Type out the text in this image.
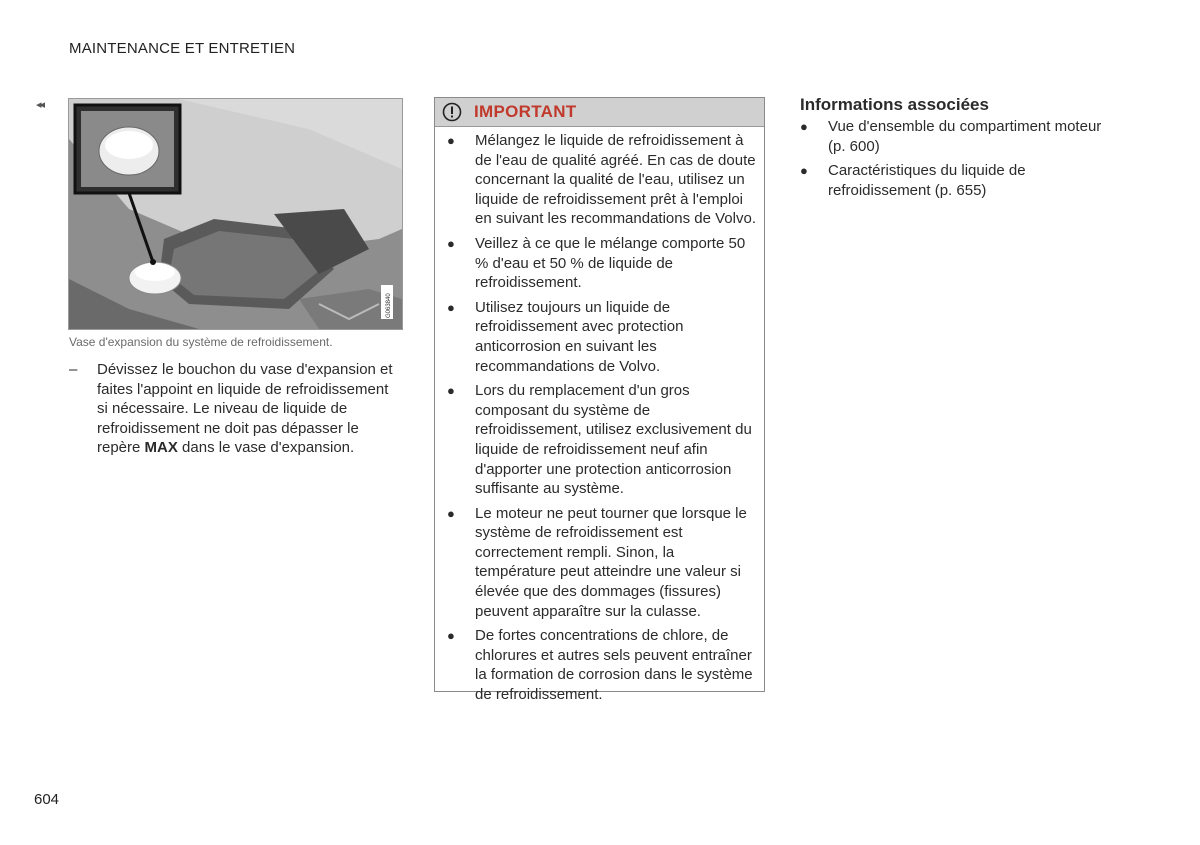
MAINTENANCE ET ENTRETIEN
◂◂
G063840
Vase d'expansion du système de refroidissement.
– Dévissez le bouchon du vase d'expansion et faites l'appoint en liquide de refroidissement si nécessaire. Le niveau de liquide de refroidissement ne doit pas dépasser le repère MAX dans le vase d'expansion.
IMPORTANT
● Mélangez le liquide de refroidissement à de l'eau de qualité agréé. En cas de doute concernant la qualité de l'eau, utilisez un liquide de refroidissement prêt à l'emploi en suivant les recommandations de Volvo.
● Veillez à ce que le mélange comporte 50 % d'eau et 50 % de liquide de refroidissement.
● Utilisez toujours un liquide de refroidissement avec protection anticorrosion en suivant les recommandations de Volvo.
● Lors du remplacement d'un gros composant du système de refroidissement, utilisez exclusivement du liquide de refroidissement neuf afin d'apporter une protection anticorrosion suffisante au système.
● Le moteur ne peut tourner que lorsque le système de refroidissement est correctement rempli. Sinon, la température peut atteindre une valeur si élevée que des dommages (fissures) peuvent apparaître sur la culasse.
● De fortes concentrations de chlore, de chlorures et autres sels peuvent entraîner la formation de corrosion dans le système de refroidissement.
Informations associées
● Vue d'ensemble du compartiment moteur (p. 600)
● Caractéristiques du liquide de refroidissement (p. 655)
604
